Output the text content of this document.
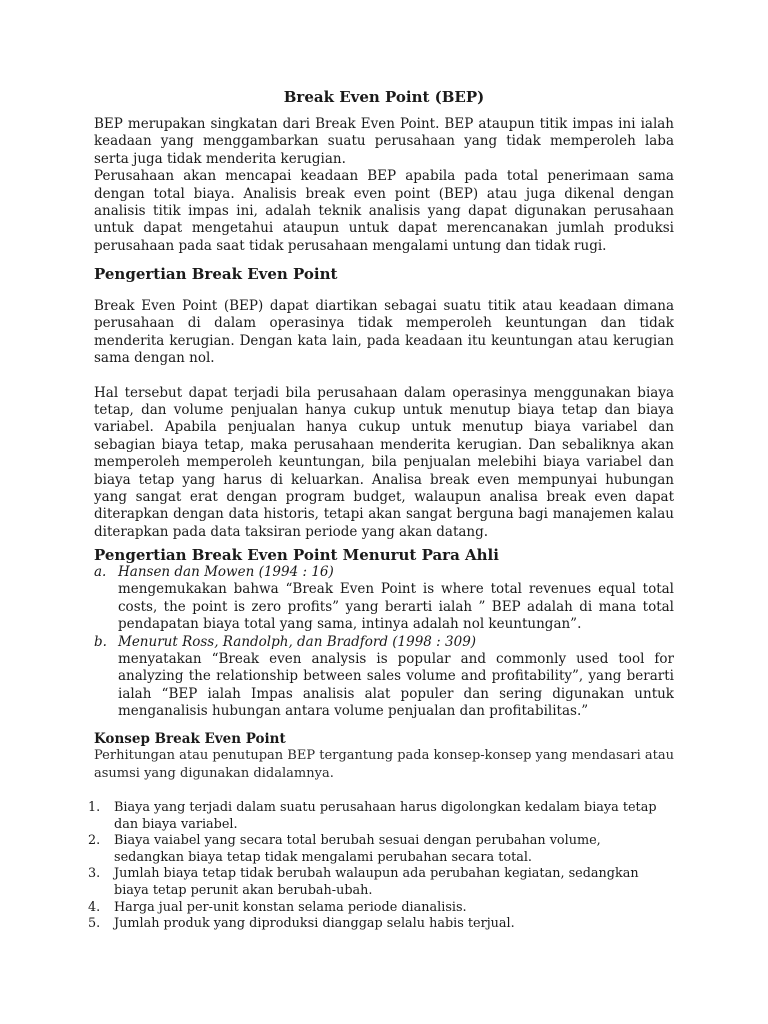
Break Even Point (BEP)

BEP merupakan singkatan dari Break Even Point. BEP ataupun titik impas ini ialah keadaan yang menggambarkan suatu perusahaan yang tidak memperoleh laba serta juga tidak menderita kerugian.

Perusahaan akan mencapai keadaan BEP apabila pada total penerimaan sama dengan total biaya. Analisis break even point (BEP) atau juga dikenal dengan analisis titik impas ini, adalah teknik analisis yang dapat digunakan perusahaan untuk dapat mengetahui ataupun untuk dapat merencanakan jumlah produksi perusahaan pada saat tidak perusahaan mengalami untung dan tidak rugi.

Pengertian Break Even Point

Break Even Point (BEP) dapat diartikan sebagai suatu titik atau keadaan dimana perusahaan di dalam operasinya tidak memperoleh keuntungan dan tidak menderita kerugian. Dengan kata lain, pada keadaan itu keuntungan atau kerugian sama dengan nol.

Hal tersebut dapat terjadi bila perusahaan dalam operasinya menggunakan biaya tetap, dan volume penjualan hanya cukup untuk menutup biaya tetap dan biaya variabel. Apabila penjualan hanya cukup untuk menutup biaya variabel dan sebagian biaya tetap, maka perusahaan menderita kerugian. Dan sebaliknya akan memperoleh memperoleh keuntungan, bila penjualan melebihi biaya variabel dan biaya tetap yang harus di keluarkan. Analisa break even mempunyai hubungan yang sangat erat dengan program budget, walaupun analisa break even dapat diterapkan dengan data historis, tetapi akan sangat berguna bagi manajemen kalau diterapkan pada data taksiran periode yang akan datang.

Pengertian Break Even Point Menurut Para Ahli

a. Hansen dan Mowen (1994 : 16)
mengemukakan bahwa “Break Even Point is where total revenues equal total costs, the point is zero profits” yang berarti ialah ” BEP adalah di mana total pendapatan biaya total yang sama, intinya adalah nol keuntungan”.
b. Menurut Ross, Randolph, dan Bradford (1998 : 309)
menyatakan “Break even analysis is popular and commonly used tool for analyzing the relationship between sales volume and profitability”, yang berarti ialah “BEP ialah Impas analisis alat populer dan sering digunakan untuk menganalisis hubungan antara volume penjualan dan profitabilitas.”

Konsep Break Even Point

Perhitungan atau penutupan BEP tergantung pada konsep-konsep yang mendasari atau asumsi yang digunakan didalamnya.

1. Biaya yang terjadi dalam suatu perusahaan harus digolongkan kedalam biaya tetap dan biaya variabel.
2. Biaya vaiabel yang secara total berubah sesuai dengan perubahan volume, sedangkan biaya tetap tidak mengalami perubahan secara total.
3. Jumlah biaya tetap tidak berubah walaupun ada perubahan kegiatan, sedangkan biaya tetap perunit akan berubah-ubah.
4. Harga jual per-unit konstan selama periode dianalisis.
5. Jumlah produk yang diproduksi dianggap selalu habis terjual.
